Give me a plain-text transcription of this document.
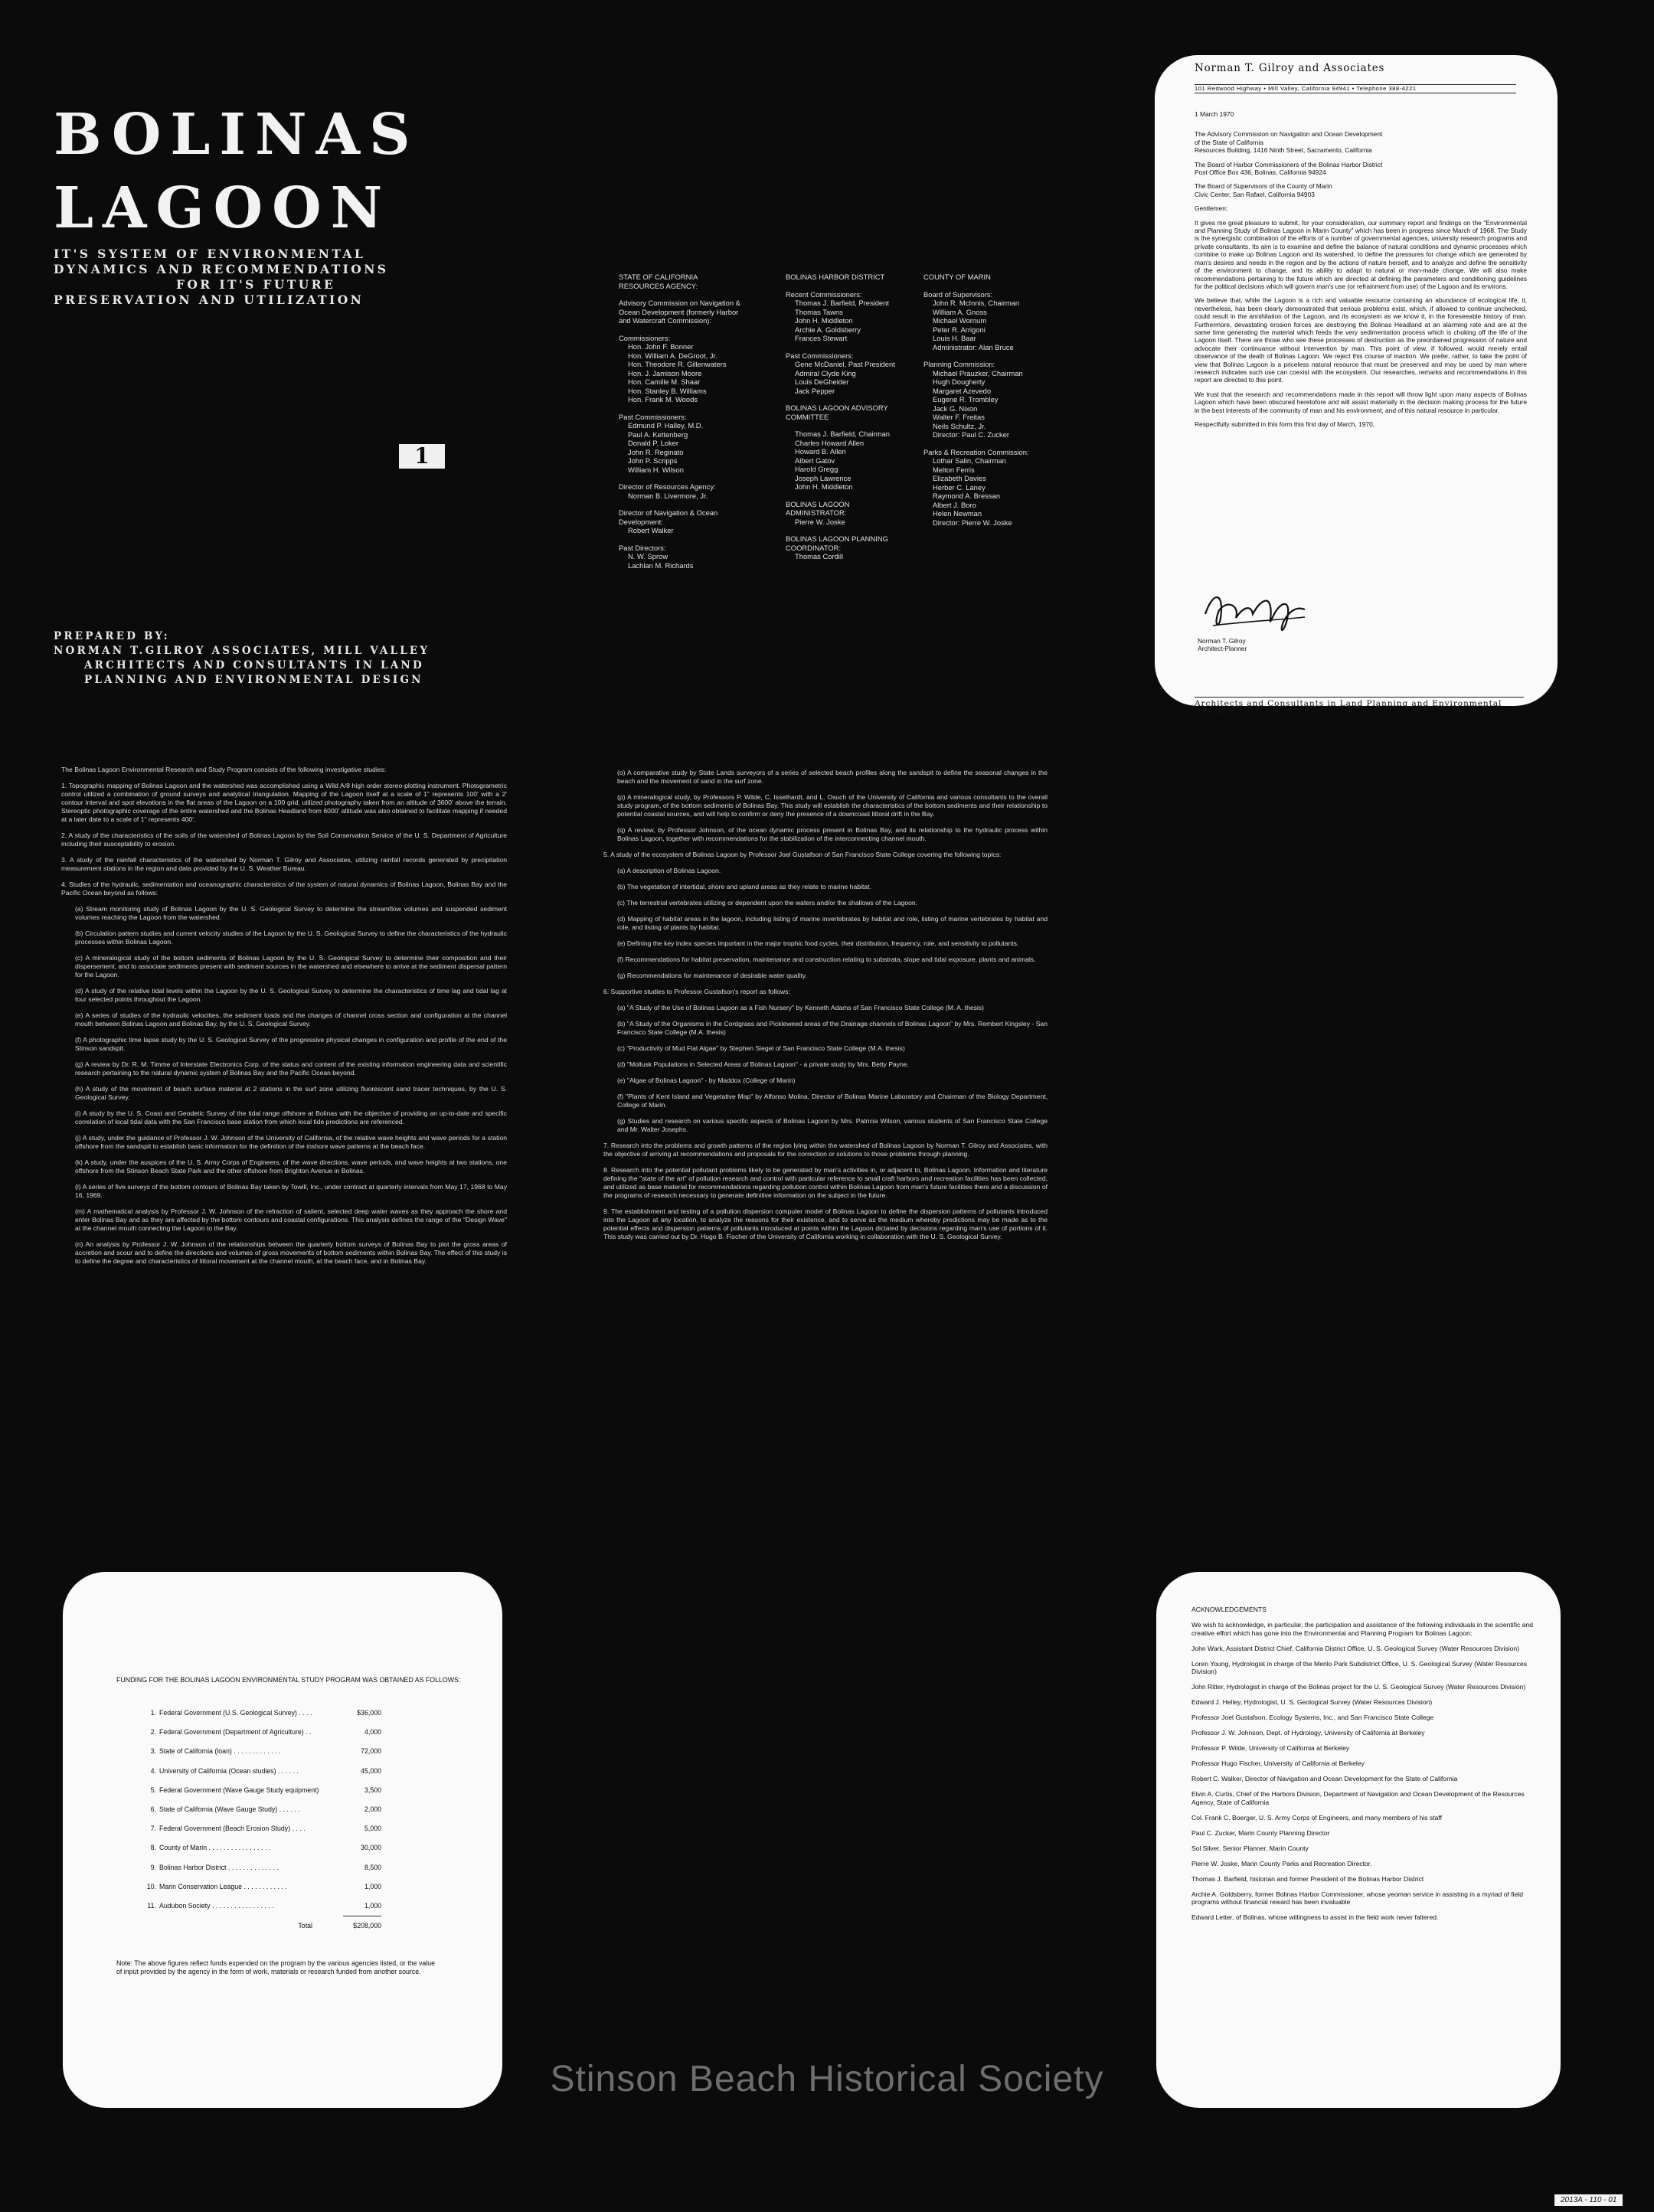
BOLINAS
LAGOON
IT'S SYSTEM OF ENVIRONMENTAL
DYNAMICS AND RECOMMENDATIONS
FOR IT'S FUTURE
PRESERVATION AND UTILIZATION
1
PREPARED BY:
NORMAN T.GILROY ASSOCIATES, MILL VALLEY
ARCHITECTS AND CONSULTANTS IN LAND
PLANNING AND ENVIRONMENTAL DESIGN
STATE OF CALIFORNIA
RESOURCES AGENCY:
Advisory Commission on Navigation &
Ocean Development (formerly Harbor
and Watercraft Commission):
Commissioners:
Hon. John F. Bonner
Hon. William A. DeGroot, Jr.
Hon. Theodore R. Gillenwaters
Hon. J. Jamison Moore
Hon. Camille M. Shaar
Hon. Stanley B. Williams
Hon. Frank M. Woods
Past Commissioners:
Edmund P. Halley, M.D.
Paul A. Kettenberg
Donald P. Loker
John R. Reginato
John P. Scripps
William H. Wilson
Director of Resources Agency:
Norman B. Livermore, Jr.
Director of Navigation & Ocean
Development:
Robert Walker
Past Directors:
N. W. Sprow
Lachlan M. Richards
BOLINAS HARBOR DISTRICT
Recent Commissioners:
Thomas J. Barfield, President
Thomas Tawns
John H. Middleton
Archie A. Goldsberry
Frances Stewart
Past Commissioners:
Gene McDaniel, Past President
Admiral Clyde King
Louis DeGheider
Jack Pepper
BOLINAS LAGOON ADVISORY
COMMITTEE
Thomas J. Barfield, Chairman
Charles Howard Allen
Howard B. Allen
Albert Gatov
Harold Gregg
Joseph Lawrence
John H. Middleton
BOLINAS LAGOON
ADMINISTRATOR:
Pierre W. Joske
BOLINAS LAGOON PLANNING
COORDINATOR:
Thomas Cordill
COUNTY OF MARIN
Board of Supervisors:
John R. McInnis, Chairman
William A. Gnoss
Michael Wornum
Peter R. Arrigoni
Louis H. Baar
Administrator: Alan Bruce
Planning Commission:
Michael Prauzker, Chairman
Hugh Dougherty
Margaret Azevedo
Eugene R. Trombley
Jack G. Nixon
Walter F. Freitas
Neils Schultz, Jr.
Director: Paul C. Zucker
Parks & Recreation Commission:
Lothar Salin, Chairman
Melton Ferris
Elizabeth Davies
Herber C. Laney
Raymond A. Bressan
Albert J. Boro
Helen Newman
Director: Pierre W. Joske
Norman T. Gilroy and Associates
101 Redwood Highway • Mill Valley, California 94941 • Telephone 388-4221

1 March 1970

The Advisory Commission on Navigation and Ocean Development
of the State of California
Resources Building, 1416 Ninth Street, Sacramento, California

The Board of Harbor Commissioners of the Bolinas Harbor District
Post Office Box 436, Bolinas, California 94924

The Board of Supervisors of the County of Marin
Civic Center, San Rafael, California 94903

Gentlemen:

It gives me great pleasure to submit, for your consideration, our summary report and findings on the "Environmental and Planning Study of Bolinas Lagoon in Marin County" which has been in progress since March of 1968. The Study is the synergistic combination of the efforts of a number of governmental agencies, university research programs and private consultants. Its aim is to examine and define the balance of natural conditions and dynamic processes which combine to make up Bolinas Lagoon and its watershed, to define the pressures for change which are generated by man's desires and needs in the region and by the actions of nature herself, and to analyze and define the sensitivity of the environment to change, and its ability to adapt to natural or man-made change. We will also make recommendations pertaining to the future which are directed at defining the parameters and conditioning guidelines for the political decisions which will govern man's use (or refrainment from use) of the Lagoon and its environs.

We believe that, while the Lagoon is a rich and valuable resource containing an abundance of ecological life, it, nevertheless, has been clearly demonstrated that serious problems exist, which, if allowed to continue unchecked, could result in the annihilation of the Lagoon, and its ecosystem as we know it, in the foreseeable history of man. Furthermore, devastating erosion forces are destroying the Bolinas Headland at an alarming rate and are at the same time generating the material which feeds the very sedimentation process which is choking off the life of the Lagoon itself. There are those who see these processes of destruction as the preordained progression of nature and advocate their continuance without intervention by man. This point of view, if followed, would merely entail observance of the death of Bolinas Lagoon. We reject this course of inaction. We prefer, rather, to take the point of view that Bolinas Lagoon is a priceless natural resource that must be preserved and may be used by man where research indicates such use can coexist with the ecosystem. Our researches, remarks and recommendations in this report are directed to this point.

We trust that the research and recommendations made in this report will throw light upon many aspects of Bolinas Lagoon which have been obscured heretofore and will assist materially in the decision making process for the future in the best interests of the community of man and his environment, and of this natural resource in particular.

Respectfully submitted in this form this first day of March, 1970,

Norman T. Gilroy
Architect-Planner
Architects and Consultants in Land Planning and Environmental Design

The Bolinas Lagoon Environmental Research and Study Program consists of the following investigative studies:

1. Topographic mapping of Bolinas Lagoon and the watershed was accomplished using a Wild A/8 high order stereo-plotting instrument. Photogrametric control utilized a combination of ground surveys and analytical triangulation. Mapping of the Lagoon itself at a scale of 1" represents 100' with a 2' contour interval and spot elevations in the flat areas of the Lagoon on a 100 grid, utilized photography taken from an altitude of 3600' above the terrain. Stereoptic photographic coverage of the entire watershed and the Bolinas Headland from 6000' altitude was also obtained to facilitate mapping if needed at a later date to a scale of 1" represents 400'.

2. A study of the characteristics of the soils of the watershed of Bolinas Lagoon by the Soil Conservation Service of the U. S. Department of Agriculture including their susceptability to erosion.

3. A study of the rainfall characteristics of the watershed by Norman T. Gilroy and Associates, utilizing rainfall records generated by precipitation measurement stations in the region and data provided by the U. S. Weather Bureau.

4. Studies of the hydraulic, sedimentation and oceanographic characteristics of the system of natural dynamics of Bolinas Lagoon, Bolinas Bay and the Pacific Ocean beyond as follows:

(a) Stream monitoring study of Bolinas Lagoon by the U. S. Geological Survey to determine the streamflow volumes and suspended sediment volumes reaching the Lagoon from the watershed.

(b) Circulation pattern studies and current velocity studies of the Lagoon by the U. S. Geological Survey to define the characteristics of the hydraulic processes within Bolinas Lagoon.

(c) A mineralogical study of the bottom sediments of Bolinas Lagoon by the U. S. Geological Survey to determine their composition and their dispersement, and to associate sediments present with sediment sources in the watershed and elsewhere to arrive at the sediment dispersal pattern for the Lagoon.

(d) A study of the relative tidal levels within the Lagoon by the U. S. Geological Survey to determine the characteristics of time lag and tidal lag at four selected points throughout the Lagoon.

(e) A series of studies of the hydraulic velocities, the sediment loads and the changes of channel cross section and configuration at the channel mouth between Bolinas Lagoon and Bolinas Bay, by the U. S. Geological Survey.

(f) A photographic time lapse study by the U. S. Geological Survey of the progressive physical changes in configuration and profile of the end of the Stinson sandspit.

(g) A review by Dr. R. M. Timme of Interstate Electronics Corp. of the status and content of the existing information engineering data and scientific research pertaining to the natural dynamic system of Bolinas Bay and the Pacific Ocean beyond.

(h) A study of the movement of beach surface material at 2 stations in the surf zone utilizing fluorescent sand tracer techniques, by the U. S. Geological Survey.

(i) A study by the U. S. Coast and Geodetic Survey of the tidal range offshore at Bolinas with the objective of providing an up-to-date and specific correlation of local tidal data with the San Francisco base station from which local tide predictions are referenced.

(j) A study, under the guidance of Professor J. W. Johnson of the University of California, of the relative wave heights and wave periods for a station offshore from the sandspit to establish basic information for the definition of the inshore wave patterns at the beach face.

(k) A study, under the auspices of the U. S. Army Corps of Engineers, of the wave directions, wave periods, and wave heights at two stations, one offshore from the Stinson Beach State Park and the other offshore from Brighton Avenue in Bolinas.

(l) A series of five surveys of the bottom contours of Bolinas Bay taken by Towill, Inc., under contract at quarterly intervals from May 17, 1968 to May 16, 1969.

(m) A mathematical analysis by Professor J. W. Johnson of the refraction of salient, selected deep water waves as they approach the shore and enter Bolinas Bay and as they are affected by the bottom contours and coastal configurations. This analysis defines the range of the "Design Wave" at the channel mouth connecting the Lagoon to the Bay.

(n) An analysis by Professor J. W. Johnson of the relationships between the quarterly bottom surveys of Bolinas Bay to plot the gross areas of accretion and scour and to define the directions and volumes of gross movements of bottom sediments within Bolinas Bay. The effect of this study is to define the degree and characteristics of littoral movement at the channel mouth, at the beach face, and in Bolinas Bay.

(o) A comparative study by State Lands surveyors of a series of selected beach profiles along the sandspit to define the seasonal changes in the beach and the movement of sand in the surf zone.

(p) A mineralogical study, by Professors P. Wilde, C. Isselhardt, and L. Osuch of the University of California and various consultants to the overall study program, of the bottom sediments of Bolinas Bay. This study will establish the characteristics of the bottom sediments and their relationship to potential coastal sources, and will help to confirm or deny the presence of a downcoast littoral drift in the Bay.

(q) A review, by Professor Johnson, of the ocean dynamic process present in Bolinas Bay, and its relationship to the hydraulic process within Bolinas Lagoon, together with recommendations for the stabilization of the interconnecting channel mouth.

5. A study of the ecosystem of Bolinas Lagoon by Professor Joel Gustafson of San Francisco State College covering the following topics:

(a) A description of Bolinas Lagoon.

(b) The vegetation of intertidal, shore and upland areas as they relate to marine habitat.

(c) The terrestrial vertebrates utilizing or dependent upon the waters and/or the shallows of the Lagoon.

(d) Mapping of habitat areas in the lagoon, including listing of marine invertebrates by habitat and role, listing of marine vertebrates by habitat and role, and listing of plants by habitat.

(e) Defining the key index species important in the major trophic food cycles, their distribution, frequency, role, and sensitivity to pollutants.

(f) Recommendations for habitat preservation, maintenance and construction relating to substrata, slope and tidal exposure, plants and animals.

(g) Recommendations for maintenance of desirable water quality.

6. Supportive studies to Professor Gustafson's report as follows:

(a) "A Study of the Use of Bolinas Lagoon as a Fish Nursery" by Kenneth Adams of San Francisco State College (M. A. thesis)

(b) "A Study of the Organisms in the Cordgrass and Pickleweed areas of the Drainage channels of Bolinas Lagoon" by Mrs. Rembert Kingsley - San Francisco State College (M.A. thesis)

(c) "Productivity of Mud Flat Algae" by Stephen Siegel of San Francisco State College (M.A. thesis)

(d) "Mollusk Populations in Selected Areas of Bolinas Lagoon" - a private study by Mrs. Betty Payne.

(e) "Algae of Bolinas Lagoon" - by Maddox (College of Marin)

(f) "Plants of Kent Island and Vegetative Map" by Alfonso Molina, Director of Bolinas Marine Laboratory and Chairman of the Biology Department, College of Marin.

(g) Studies and research on various specific aspects of Bolinas Lagoon by Mrs. Patricia Wilson, various students of San Francisco State College and Mr. Walter Josephs.

7. Research into the problems and growth patterns of the region lying within the watershed of Bolinas Lagoon by Norman T. Gilroy and Associates, with the objective of arriving at recommendations and proposals for the correction or solutions to those problems through planning.

8. Research into the potential pollutant problems likely to be generated by man's activities in, or adjacent to, Bolinas Lagoon. Information and literature defining the "state of the art" of pollution research and control with particular reference to small craft harbors and recreation facilities has been collected, and utilized as base material for recommendations regarding pollution control within Bolinas Lagoon from man's future facilities there and a discussion of the programs of research necessary to generate definitive information on the subject in the future.

9. The establishment and testing of a pollution dispersion computer model of Bolinas Lagoon to define the dispersion patterns of pollutants introduced into the Lagoon at any location, to analyze the reasons for their existence, and to serve as the medium whereby predictions may be made as to the potential effects and dispersion patterns of pollutants introduced at points within the Lagoon dictated by decisions regarding man's use of portions of it. This study was carried out by Dr. Hugo B. Fischer of the University of California working in collaboration with the U. S. Geological Survey.

FUNDING FOR THE BOLINAS LAGOON ENVIRONMENTAL STUDY PROGRAM WAS OBTAINED AS FOLLOWS:
1.	Federal Government (U.S. Geological Survey) . . . .	$36,000
2.	Federal Government (Department of Agriculture) . .	4,000
3.	State of California (loan) . . . . . . . . . . . . .	72,000
4.	University of California (Ocean studies) . . . . . .	45,000
5.	Federal Government (Wave Gauge Study equipment)	3,500
6.	State of California (Wave Gauge Study) . . . . . .	2,000
7.	Federal Government (Beach Erosion Study) . . . .	5,000
8.	County of Marin . . . . . . . . . . . . . . . . .	30,000
9.	Bolinas Harbor District . . . . . . . . . . . . . .	8,500
10.	Marin Conservation League . . . . . . . . . . . .	1,000
11.	Audubon Society . . . . . . . . . . . . . . . . .	1,000
	Total	$208,000
Note: The above figures reflect funds expended on the program by the various agencies listed, or the value of input provided by the agency in the form of work, materials or research funded from another source.

ACKNOWLEDGEMENTS

We wish to acknowledge, in particular, the participation and assistance of the following individuals in the scientific and creative effort which has gone into the Environmental and Planning Program for Bolinas Lagoon:

John Wark, Assistant District Chief, California District Office, U. S. Geological Survey (Water Resources Division)

Loren Young, Hydrologist in charge of the Menlo Park Subdistrict Office, U. S. Geological Survey (Water Resources Division)

John Ritter, Hydrologist in charge of the Bolinas project for the U. S. Geological Survey (Water Resources Division)

Edward J. Helley, Hydrologist, U. S. Geological Survey (Water Resources Division)

Professor Joel Gustafson, Ecology Systems, Inc., and San Francisco State College

Professor J. W. Johnson, Dept. of Hydrology, University of California at Berkeley

Professor P. Wilde, University of California at Berkeley

Professor Hugo Fischer, University of California at Berkeley

Robert C. Walker, Director of Navigation and Ocean Development for the State of California

Elvin A. Curtis, Chief of the Harbors Division, Department of Navigation and Ocean Development of the Resources Agency, State of California

Col. Frank C. Boerger, U. S. Army Corps of Engineers, and many members of his staff

Paul C. Zucker, Marin County Planning Director

Sol Silver, Senior Planner, Marin County

Pierre W. Joske, Marin County Parks and Recreation Director.

Thomas J. Barfield, historian and former President of the Bolinas Harbor District

Archie A. Goldsberry, former Bolinas Harbor Commissioner, whose yeoman service in assisting in a myriad of field programs without financial reward has been invaluable

Edward Letter, of Bolinas, whose willingness to assist in the field work never faltered.

Stinson Beach Historical Society
2013A - 110 - 01
